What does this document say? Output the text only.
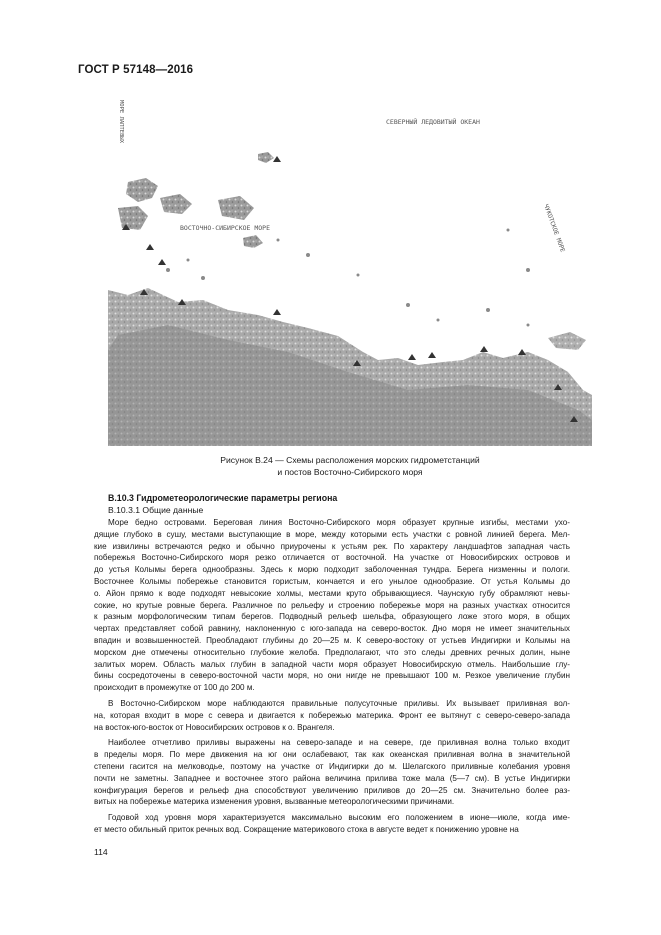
ГОСТ Р 57148—2016
СЕВЕРНЫЙ ЛЕДОВИТЫЙ ОКЕАН
ВОСТОЧНО-СИБИРСКОЕ МОРЕ	ЧУКОТСКОЕ МОРЕ
МОРЕ ЛАПТЕВЫХ
Рисунок В.24 — Схемы расположения морских гидрометстанций
и постов Восточно-Сибирского моря
В.10.3 Гидрометеорологические параметры региона
В.10.3.1 Общие данные

Море бедно островами. Береговая линия Восточно-Сибирского моря образует крупные изгибы, местами ухо-
дящие глубоко в сушу, местами выступающие в море, между которыми есть участки с ровной линией берега. Мел-
кие извилины встречаются редко и обычно приурочены к устьям рек. По характеру ландшафтов западная часть
побережья Восточно-Сибирского моря резко отличается от восточной. На участке от Новосибирских островов и
до устья Колымы берега однообразны. Здесь к морю подходит заболоченная тундра. Берега низменны и пологи.
Восточнее Колымы побережье становится гористым, кончается и его унылое однообразие. От устья Колымы до
о. Айон прямо к воде подходят невысокие холмы, местами круто обрывающиеся. Чаунскую губу обрамляют невы-
сокие, но крутые ровные берега. Различное по рельефу и строению побережье моря на разных участках относится
к разным морфологическим типам берегов. Подводный рельеф шельфа, образующего ложе этого моря, в общих
чертах представляет собой равнину, наклоненную с юго-запада на северо-восток. Дно моря не имеет значительных
впадин и возвышенностей. Преобладают глубины до 20—25 м. К северо-востоку от устьев Индигирки и Колымы на
морском дне отмечены относительно глубокие желоба. Предполагают, что это следы древних речных долин, ныне
залитых морем. Область малых глубин в западной части моря образует Новосибирскую отмель. Наибольшие глу-
бины сосредоточены в северо-восточной части моря, но они нигде не превышают 100 м. Резкое увеличение глубин
происходит в промежутке от 100 до 200 м.

В Восточно-Сибирском море наблюдаются правильные полусуточные приливы. Их вызывает приливная вол-
на, которая входит в море с севера и двигается к побережью материка. Фронт ее вытянут с северо-северо-запада
на восток-юго-восток от Новосибирских островов к о. Врангеля.

Наиболее отчетливо приливы выражены на северо-западе и на севере, где приливная волна только входит
в пределы моря. По мере движения на юг они ослабевают, так как океанская приливная волна в значительной
степени гасится на мелководье, поэтому на участке от Индигирки до м. Шелагского приливные колебания уровня
почти не заметны. Западнее и восточнее этого района величина прилива тоже мала (5—7 см). В устье Индигирки
конфигурация берегов и рельеф дна способствуют увеличению приливов до 20—25 см. Значительно более раз-
витых на побережье материка изменения уровня, вызванные метеорологическими причинами.

Годовой ход уровня моря характеризуется максимально высоким его положением в июне—июле, когда име-
ет место обильный приток речных вод. Сокращение материкового стока в августе ведет к понижению уровне на

114
